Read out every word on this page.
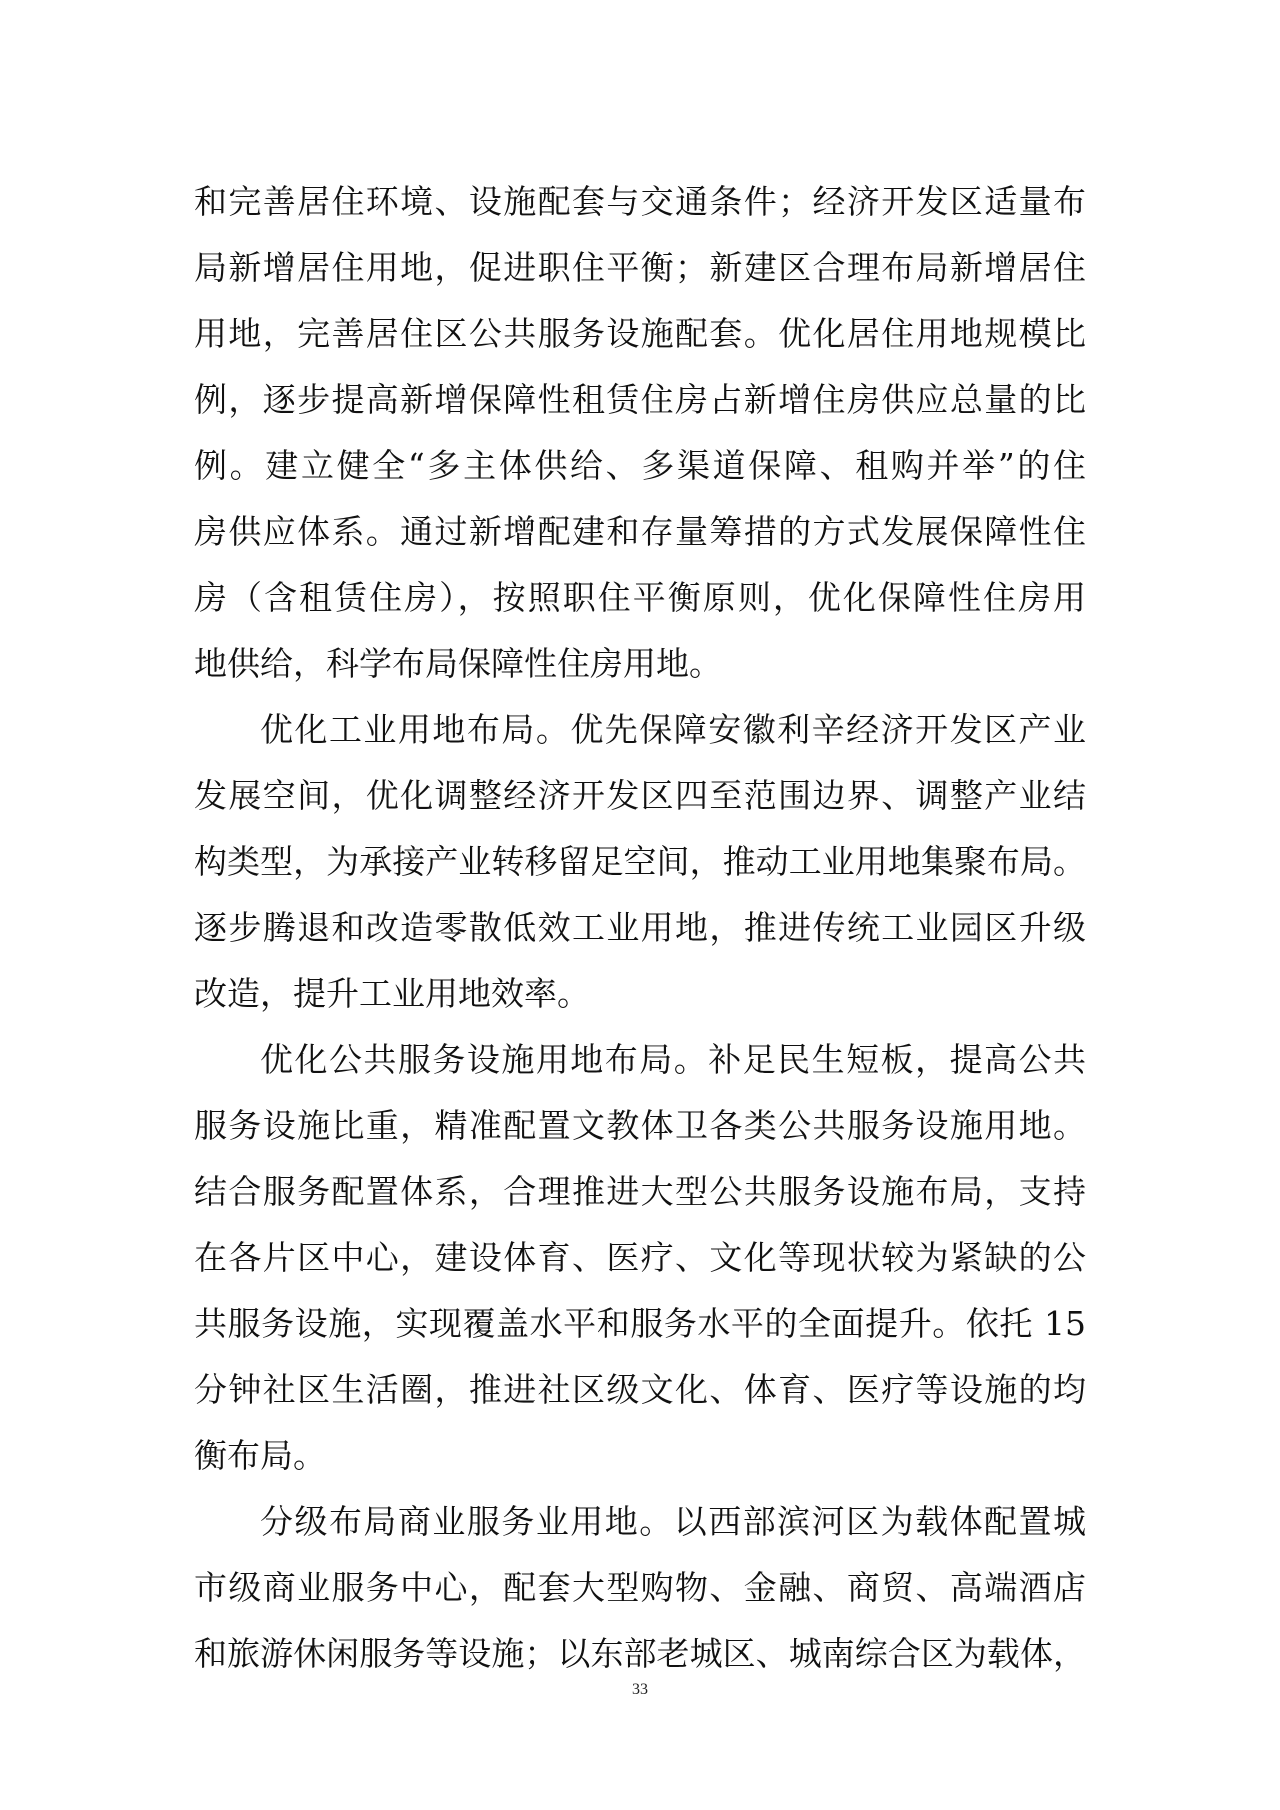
和完善居住环境、设施配套与交通条件；经济开发区适量布
局新增居住用地，促进职住平衡；新建区合理布局新增居住
用地，完善居住区公共服务设施配套。优化居住用地规模比
例，逐步提高新增保障性租赁住房占新增住房供应总量的比
例。建立健全“多主体供给、多渠道保障、租购并举”的住
房供应体系。通过新增配建和存量筹措的方式发展保障性住
房（含租赁住房），按照职住平衡原则，优化保障性住房用
地供给，科学布局保障性住房用地。
优化工业用地布局。优先保障安徽利辛经济开发区产业
发展空间，优化调整经济开发区四至范围边界、调整产业结
构类型，为承接产业转移留足空间，推动工业用地集聚布局。
逐步腾退和改造零散低效工业用地，推进传统工业园区升级
改造，提升工业用地效率。
优化公共服务设施用地布局。补足民生短板，提高公共
服务设施比重，精准配置文教体卫各类公共服务设施用地。
结合服务配置体系，合理推进大型公共服务设施布局，支持
在各片区中心，建设体育、医疗、文化等现状较为紧缺的公
共服务设施，实现覆盖水平和服务水平的全面提升。依托 15
分钟社区生活圈，推进社区级文化、体育、医疗等设施的均
衡布局。
分级布局商业服务业用地。以西部滨河区为载体配置城
市级商业服务中心，配套大型购物、金融、商贸、高端酒店
和旅游休闲服务等设施；以东部老城区、城南综合区为载体，
33
